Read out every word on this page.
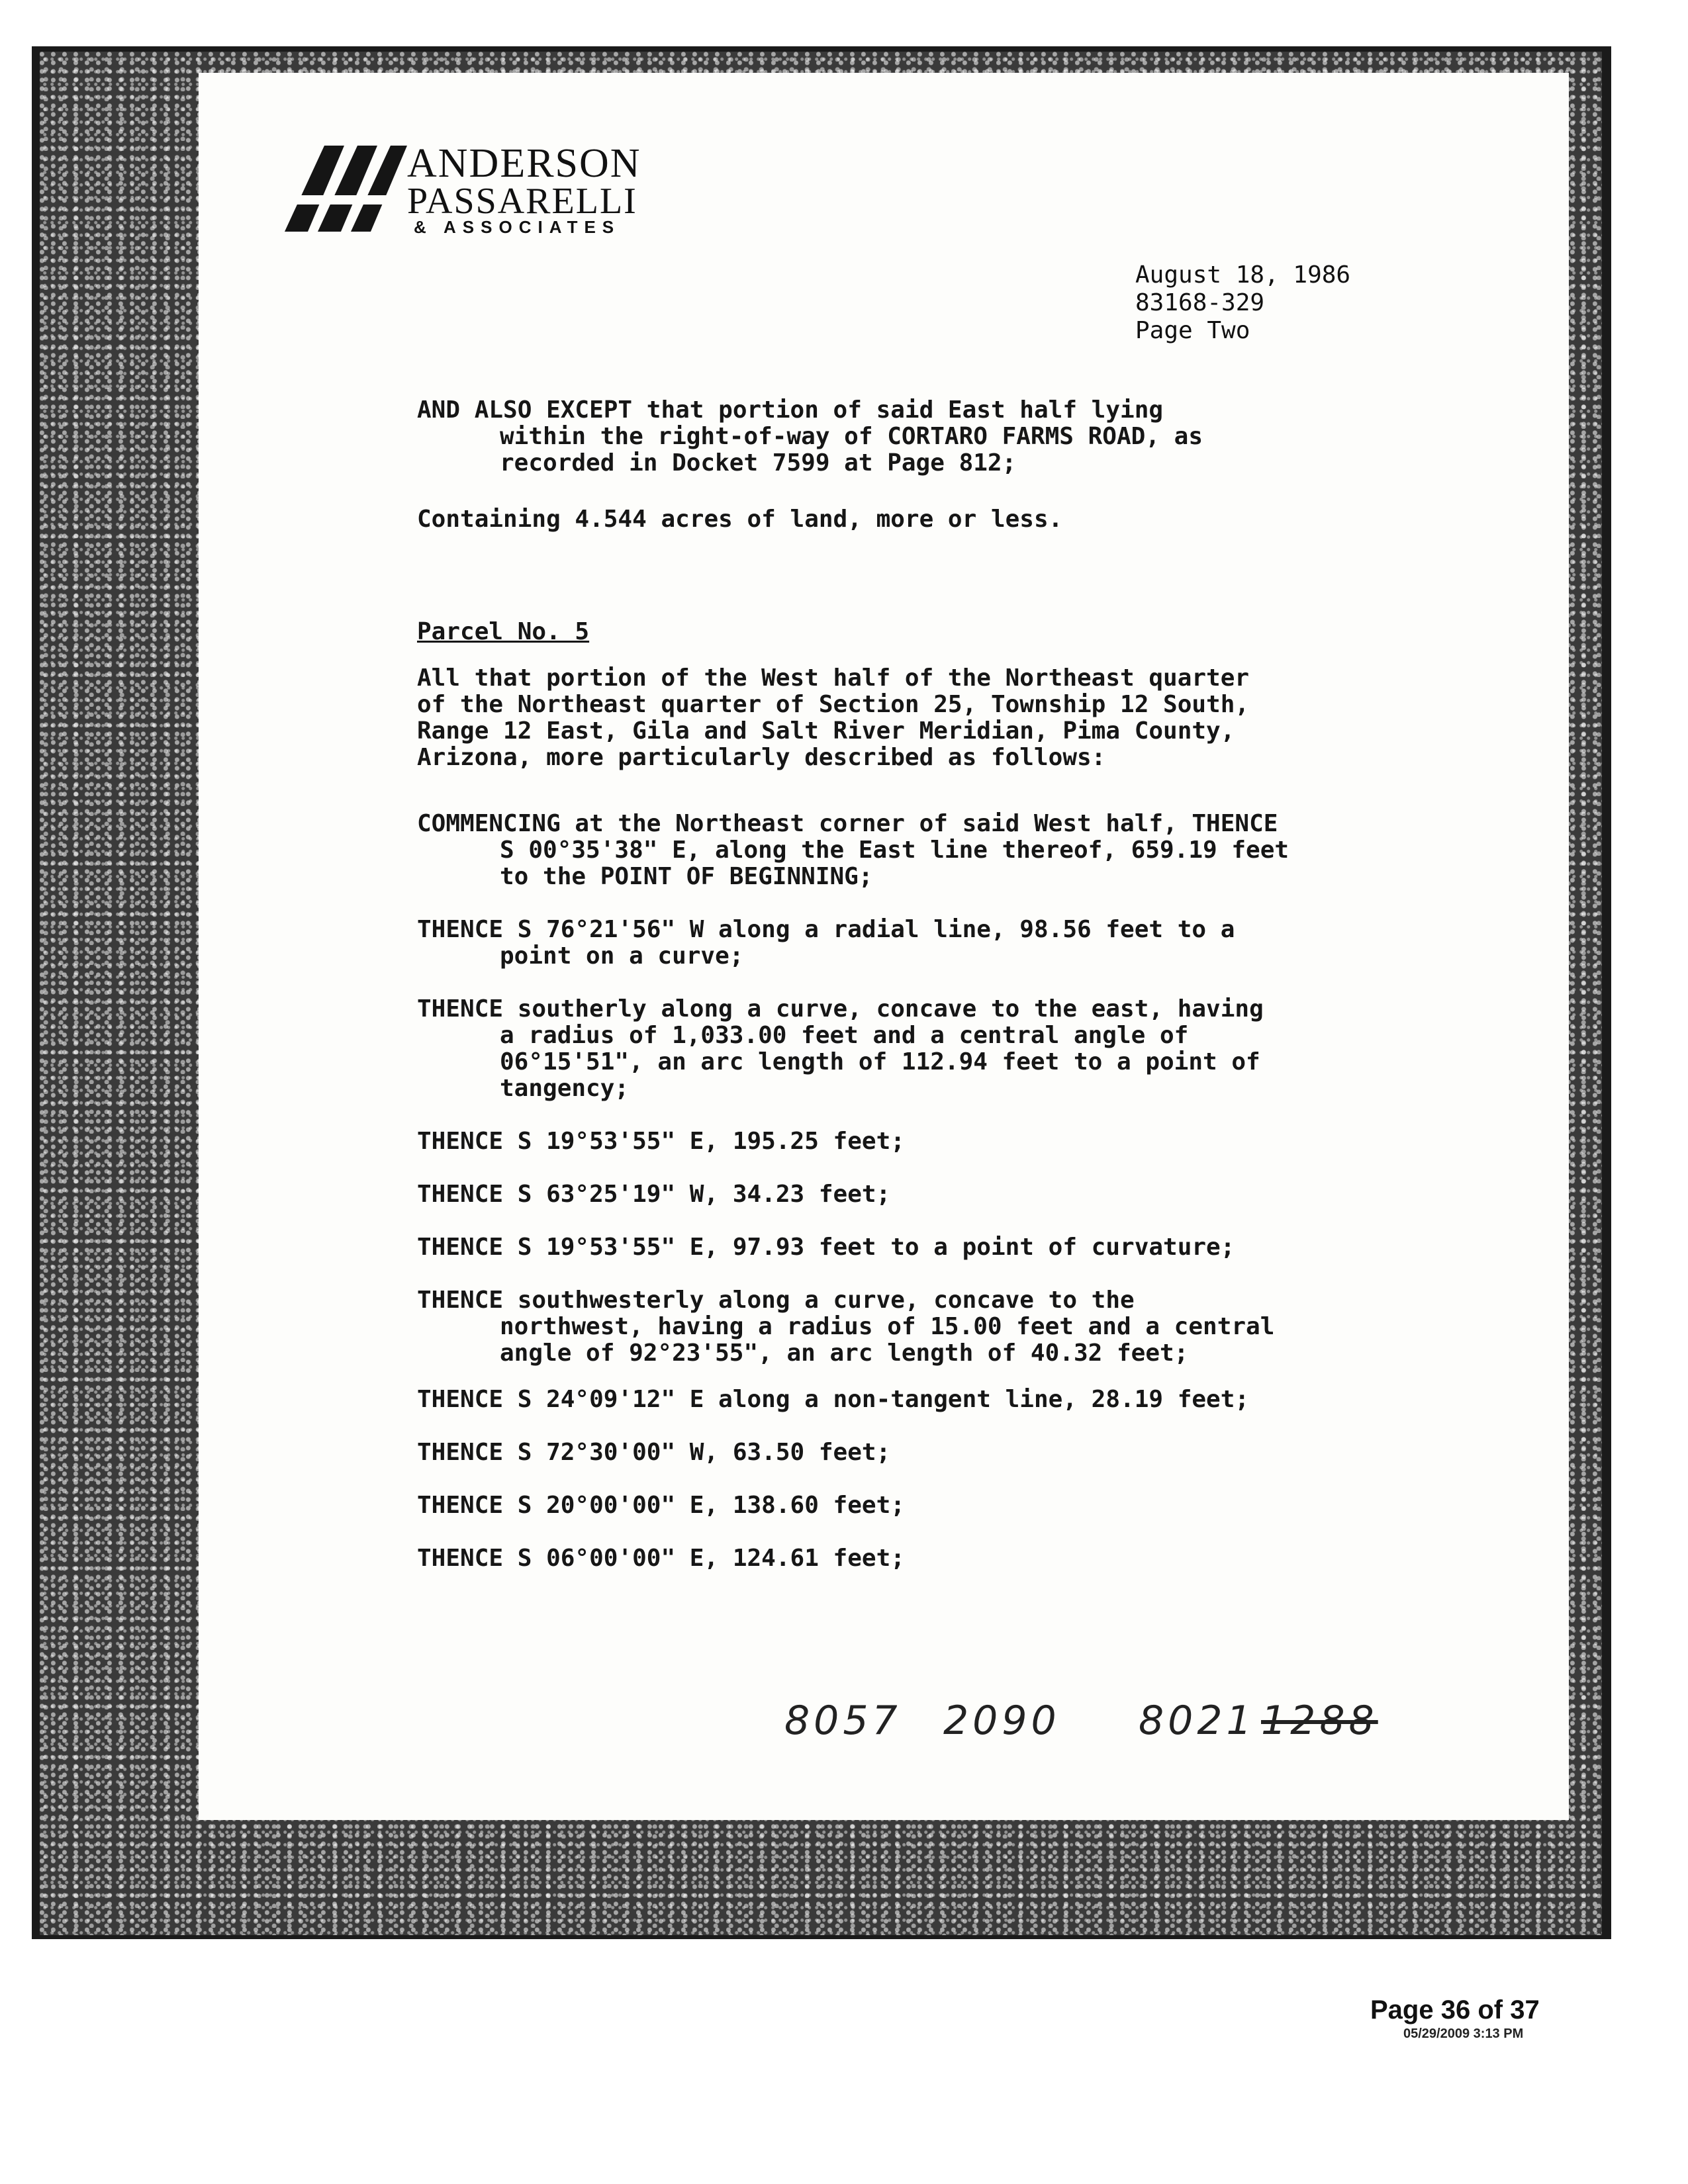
ANDERSON
PASSARELLI
& ASSOCIATES
August 18, 1986
83168-329
Page Two
AND ALSO EXCEPT that portion of said East half lying
within the right-of-way of CORTARO FARMS ROAD, as
recorded in Docket 7599 at Page 812;
Containing 4.544 acres of land, more or less.
Parcel No. 5
All that portion of the West half of the Northeast quarter
of the Northeast quarter of Section 25, Township 12 South,
Range 12 East, Gila and Salt River Meridian, Pima County,
Arizona, more particularly described as follows:
COMMENCING at the Northeast corner of said West half, THENCE
S 00°35'38" E, along the East line thereof, 659.19 feet
to the POINT OF BEGINNING;
THENCE S 76°21'56" W along a radial line, 98.56 feet to a
point on a curve;
THENCE southerly along a curve, concave to the east, having
a radius of 1,033.00 feet and a central angle of
06°15'51", an arc length of 112.94 feet to a point of
tangency;
THENCE S 19°53'55" E, 195.25 feet;
THENCE S 63°25'19" W, 34.23 feet;
THENCE S 19°53'55" E, 97.93 feet to a point of curvature;
THENCE southwesterly along a curve, concave to the
northwest, having a radius of 15.00 feet and a central
angle of 92°23'55", an arc length of 40.32 feet;
THENCE S 24°09'12" E along a non-tangent line, 28.19 feet;
THENCE S 72°30'00" W, 63.50 feet;
THENCE S 20°00'00" E, 138.60 feet;
THENCE S 06°00'00" E, 124.61 feet;
8057 2090 8021 1288
Page 36 of 37
05/29/2009 3:13 PM
